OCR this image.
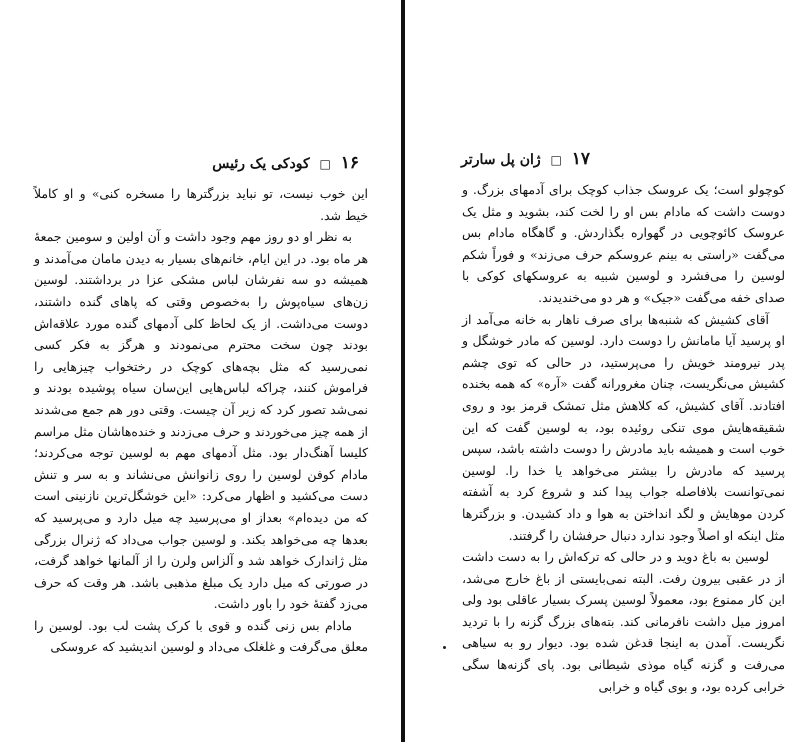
۱۶ □ کودکی یک رئیس

این خوب نیست، تو نباید بزرگترها را مسخره کنی» و او کاملاً خیط شد.

به نظر او دو روز مهم وجود داشت و آن اولین و سومین جمعهٔ هر ماه بود. در این ایام، خانم‌های بسیار به دیدن مامان می‌آمدند و همیشه دو سه نفرشان لباس مشکی عزا در برداشتند. لوسین زن‌های سیاه‌پوش را به‌خصوص وقتی که پاهای گنده داشتند، دوست می‌داشت. از یک لحاظ کلی آدمهای گنده مورد علاقه‌اش بودند چون سخت محترم می‌نمودند و هرگز به فکر کسی نمی‌رسید که مثل بچه‌های کوچک در رختخواب چیزهایی را فراموش کنند، چراکه لباس‌هایی این‌سان سیاه پوشیده بودند و نمی‌شد تصور کرد که زیر آن چیست. وقتی دور هم جمع می‌شدند از همه چیز می‌خوردند و حرف می‌زدند و خنده‌هاشان مثل مراسم کلیسا آهنگ‌دار بود. مثل آدمهای مهم به لوسین توجه می‌کردند؛ مادام کوفن لوسین را روی زانوانش می‌نشاند و به سر و تنش دست می‌کشید و اظهار می‌کرد: «این خوشگل‌ترین نازنینی است که من دیده‌ام» بعداز او می‌پرسید چه میل دارد و می‌پرسید که بعدها چه می‌خواهد بکند. و لوسین جواب می‌داد که ژنرال بزرگی مثل ژاندارک خواهد شد و آلزاس ولرن را از آلمانها خواهد گرفت، در صورتی که میل دارد یک مبلغ مذهبی باشد. هر وقت که حرف می‌زد گفتهٔ خود را باور داشت.

مادام بس زنی گنده و قوی با کرک پشت لب بود. لوسین را معلق می‌گرفت و غلغلک می‌داد و لوسین اندیشید که عروسکی

۱۷ □ ژان پل سارتر

کوچولو است؛ یک عروسک جذاب کوچک برای آدمهای بزرگ. و دوست داشت که مادام بس او را لخت کند، بشوید و مثل یک عروسک کائوچویی در گهواره بگذاردش. و گاهگاه مادام بس می‌گفت «راستی به بینم عروسکم حرف می‌زند» و فوراً شکم لوسین را می‌فشرد و لوسین شبیه به عروسکهای کوکی با صدای خفه می‌گفت «جیک» و هر دو می‌خندیدند.

آقای کشیش که شنبه‌ها برای صرف ناهار به خانه می‌آمد از او پرسید آیا مامانش را دوست دارد. لوسین که مادر خوشگل و پدر نیرومند خویش را می‌پرستید، در حالی که توی چشم کشیش می‌نگریست، چنان مغرورانه گفت «آره» که همه بخنده افتادند. آقای کشیش، که کلاهش مثل تمشک قرمز بود و روی شقیقه‌هایش موی تنکی روئیده بود، به لوسین گفت که این خوب است و همیشه باید مادرش را دوست داشته باشد، سپس پرسید که مادرش را بیشتر می‌خواهد یا خدا را. لوسین نمی‌توانست بلافاصله جواب پیدا کند و شروع کرد به آشفته کردن موهایش و لگد انداختن به هوا و داد کشیدن. و بزرگترها مثل اینکه او اصلاً وجود ندارد دنبال حرفشان را گرفتند.

لوسین به باغ دوید و در حالی که ترکه‌اش را به دست داشت از در عقبی بیرون رفت. البته نمی‌بایستی از باغ خارج می‌شد، این کار ممنوع بود، معمولاً لوسین پسرک بسیار عاقلی بود ولی امروز میل داشت نافرمانی کند. بته‌های بزرگ گزنه را با تردید نگریست. آمدن به اینجا قدغن شده بود. دیوار رو به سیاهی می‌رفت و گزنه گیاه موذی شیطانی بود. پای گزنه‌ها سگی خرابی کرده بود، و بوی گیاه و خرابی
